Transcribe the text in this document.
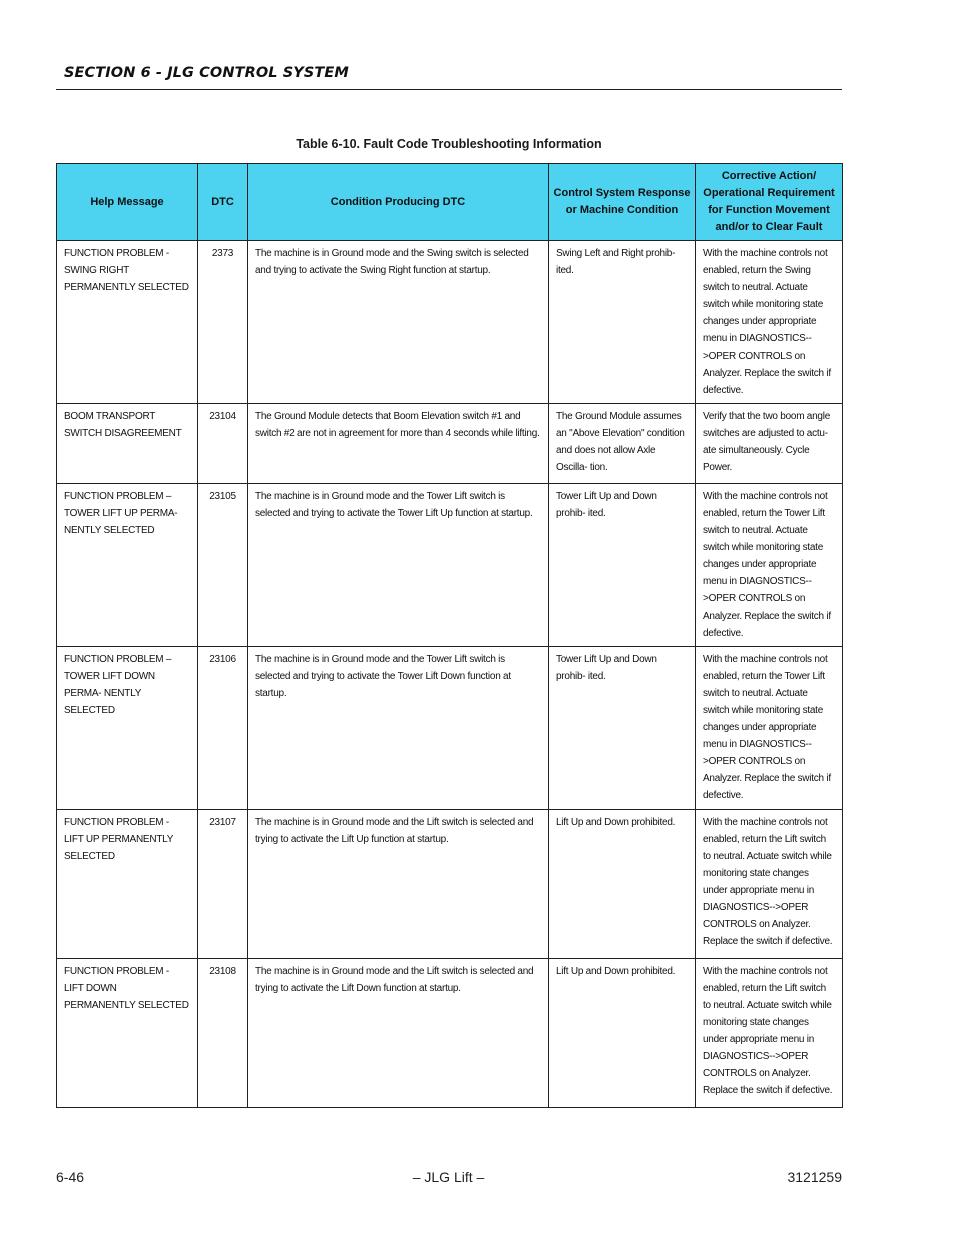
SECTION 6 - JLG CONTROL SYSTEM
Table 6-10. Fault Code Troubleshooting Information
Help Message	DTC	Condition Producing DTC	Control System Response or Machine Condition	Corrective Action/ Operational Requirement for Function Movement and/or to Clear Fault
FUNCTION PROBLEM - SWING RIGHT PERMANENTLY SELECTED	2373	The machine is in Ground mode and the Swing switch is selected and trying to activate the Swing Right function at startup.	Swing Left and Right prohib- ited.	With the machine controls not enabled, return the Swing switch to neutral. Actuate switch while monitoring state changes under appropriate menu in DIAGNOSTICS-->OPER CONTROLS on Analyzer. Replace the switch if defective.
BOOM TRANSPORT SWITCH DISAGREEMENT	23104	The Ground Module detects that Boom Elevation switch #1 and switch #2 are not in agreement for more than 4 seconds while lifting.	The Ground Module assumes an "Above Elevation" condition and does not allow Axle Oscilla- tion.	Verify that the two boom angle switches are adjusted to actu- ate simultaneously. Cycle Power.
FUNCTION PROBLEM – TOWER LIFT UP PERMA- NENTLY SELECTED	23105	The machine is in Ground mode and the Tower Lift switch is selected and trying to activate the Tower Lift Up function at startup.	Tower Lift Up and Down prohib- ited.	With the machine controls not enabled, return the Tower Lift switch to neutral. Actuate switch while monitoring state changes under appropriate menu in DIAGNOSTICS-->OPER CONTROLS on Analyzer. Replace the switch if defective.
FUNCTION PROBLEM – TOWER LIFT DOWN PERMA- NENTLY SELECTED	23106	The machine is in Ground mode and the Tower Lift switch is selected and trying to activate the Tower Lift Down function at startup.	Tower Lift Up and Down prohib- ited.	With the machine controls not enabled, return the Tower Lift switch to neutral. Actuate switch while monitoring state changes under appropriate menu in DIAGNOSTICS-->OPER CONTROLS on Analyzer. Replace the switch if defective.
FUNCTION PROBLEM - LIFT UP PERMANENTLY SELECTED	23107	The machine is in Ground mode and the Lift switch is selected and trying to activate the Lift Up function at startup.	Lift Up and Down prohibited.	With the machine controls not enabled, return the Lift switch to neutral. Actuate switch while monitoring state changes under appropriate menu in DIAGNOSTICS-->OPER CONTROLS on Analyzer. Replace the switch if defective.
FUNCTION PROBLEM - LIFT DOWN PERMANENTLY SELECTED	23108	The machine is in Ground mode and the Lift switch is selected and trying to activate the Lift Down function at startup.	Lift Up and Down prohibited.	With the machine controls not enabled, return the Lift switch to neutral. Actuate switch while monitoring state changes under appropriate menu in DIAGNOSTICS-->OPER CONTROLS on Analyzer. Replace the switch if defective.
6-46	– JLG Lift –	3121259
